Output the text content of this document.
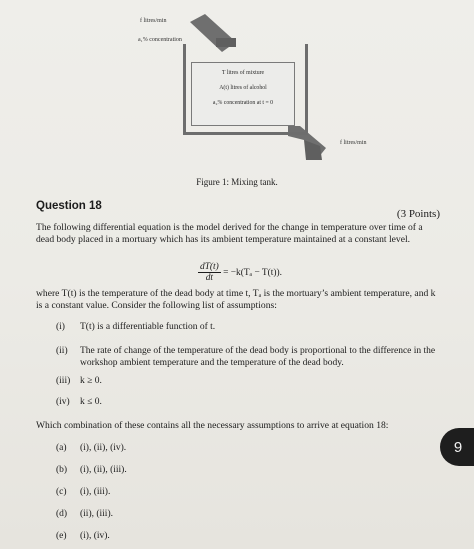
f litres/min
a₁% concentration
T litres of mixture
A(t) litres of alcohol
a₂% concentration at t = 0
f litres/min
Figure 1: Mixing tank.
Question 18
(3 Points)
The following differential equation is the model derived for the change in temperature over time of a dead body placed in a mortuary which has its ambient temperature maintained at a constant level.
$\frac{dT(t)}{dt} = -k(T_a - T(t))$.
where T(t) is the temperature of the dead body at time t, Tₐ is the mortuary’s ambient temperature, and k is a constant value. Consider the following list of assumptions:
(i) T(t) is a differentiable function of t.
(ii) The rate of change of the temperature of the dead body is proportional to the difference in the workshop ambient temperature and the temperature of the dead body.
(iii) k ≥ 0.
(iv) k ≤ 0.
Which combination of these contains all the necessary assumptions to arrive at equation 18:
(a) (i), (ii), (iv).
(b) (i), (ii), (iii).
(c) (i), (iii).
(d) (ii), (iii).
(e) (i), (iv).
9
